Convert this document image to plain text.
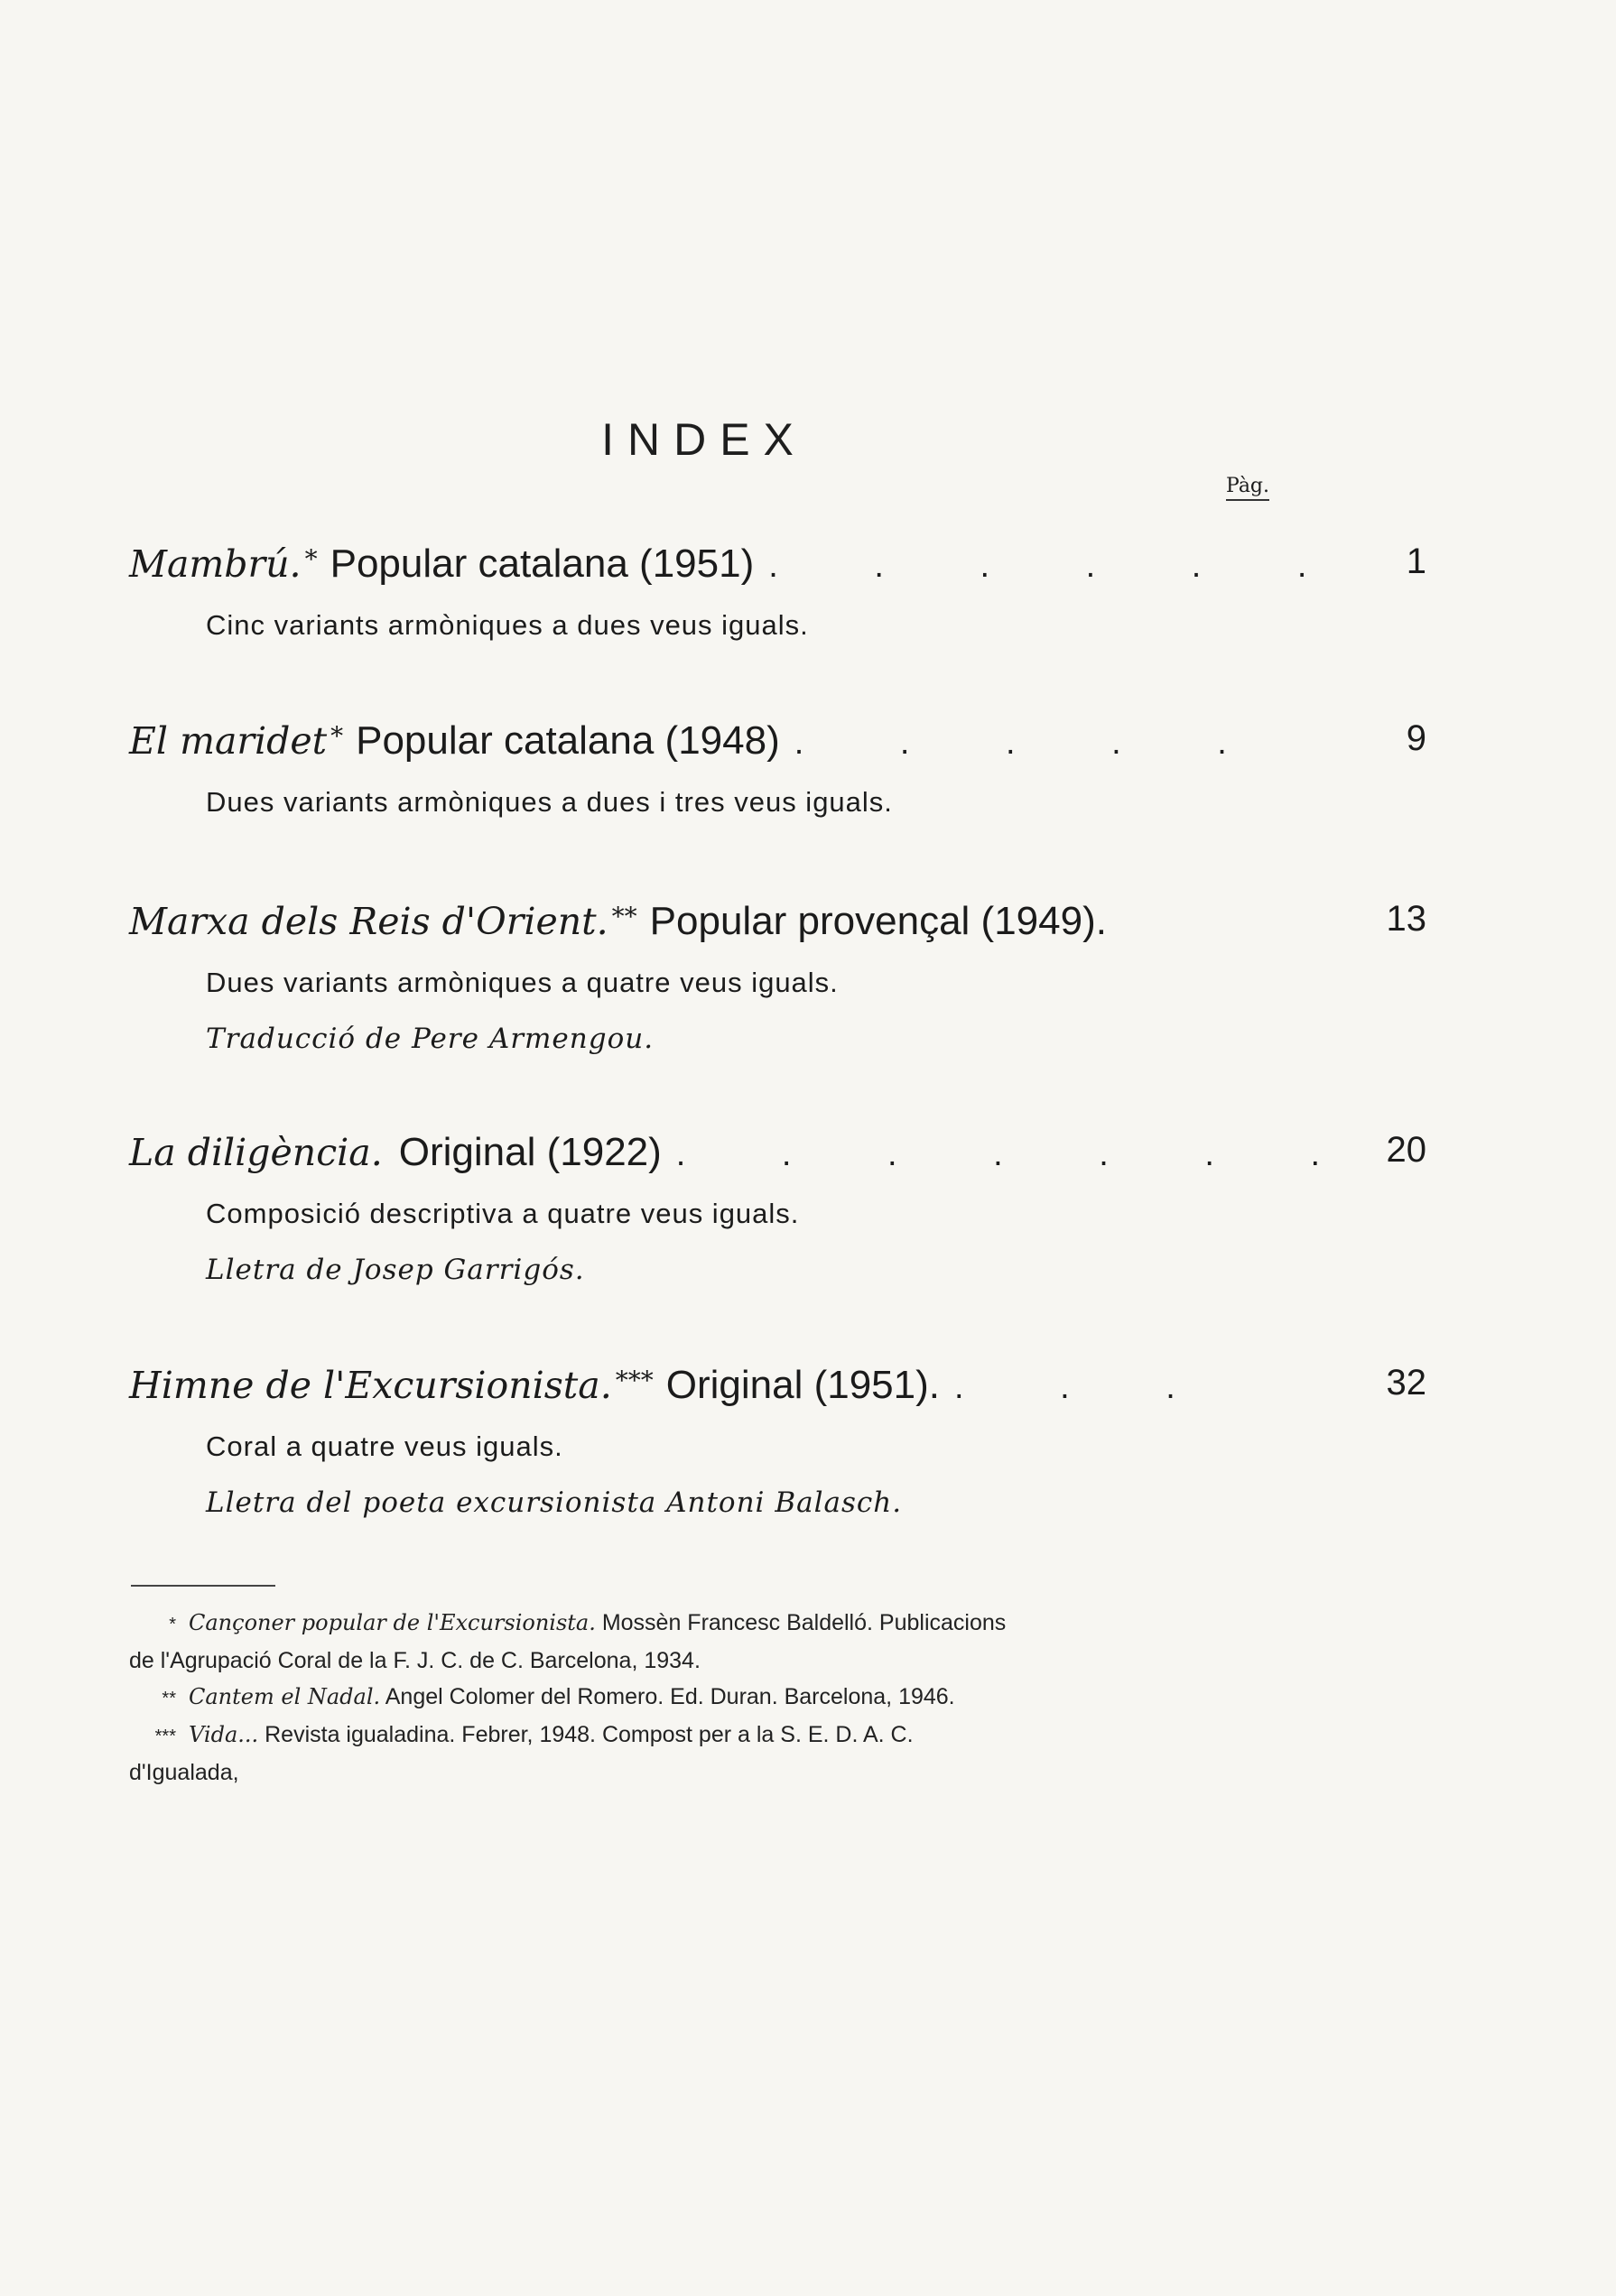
INDEX
Pàg.
Mambrú. * Popular catalana (1951) . . . . . . 1
Cinc variants armòniques a dues veus iguals.
El maridet * Popular catalana (1948) . . . . .	9
Dues variants armòniques a dues i tres veus iguals.
Marxa dels Reis d'Orient. ** Popular provençal (1949).	13
Dues variants armòniques a quatre veus iguals.
Traducció de Pere Armengou.
La diligència. Original (1922) . . . . . . . 20
Composició descriptiva a quatre veus iguals.
Lletra de Josep Garrigós.
Himne de l'Excursionista. *** Original (1951). . . .	32
Coral a quatre veus iguals.
Lletra del poeta excursionista Antoni Balasch.
* Cançoner popular de l'Excursionista. Mossèn Francesc Baldelló. Publicacions
de l'Agrupació Coral de la F. J. C. de C. Barcelona, 1934.
** Cantem el Nadal. Angel Colomer del Romero. Ed. Duran. Barcelona, 1946.
*** Vida... Revista igualadina. Febrer, 1948. Compost per a la S. E. D. A. C.
d'Igualada,
